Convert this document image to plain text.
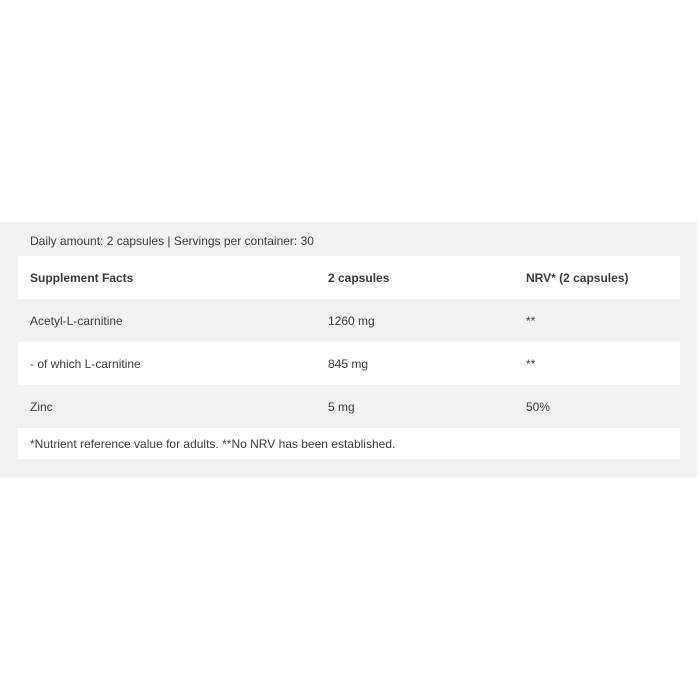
Daily amount: 2 capsules | Servings per container: 30
Supplement Facts	2 capsules	NRV* (2 capsules)
Acetyl-L-carnitine	1260 mg	**
- of which L-carnitine	845 mg	**
Zinc	5 mg	50%
*Nutrient reference value for adults. **No NRV has been established.
